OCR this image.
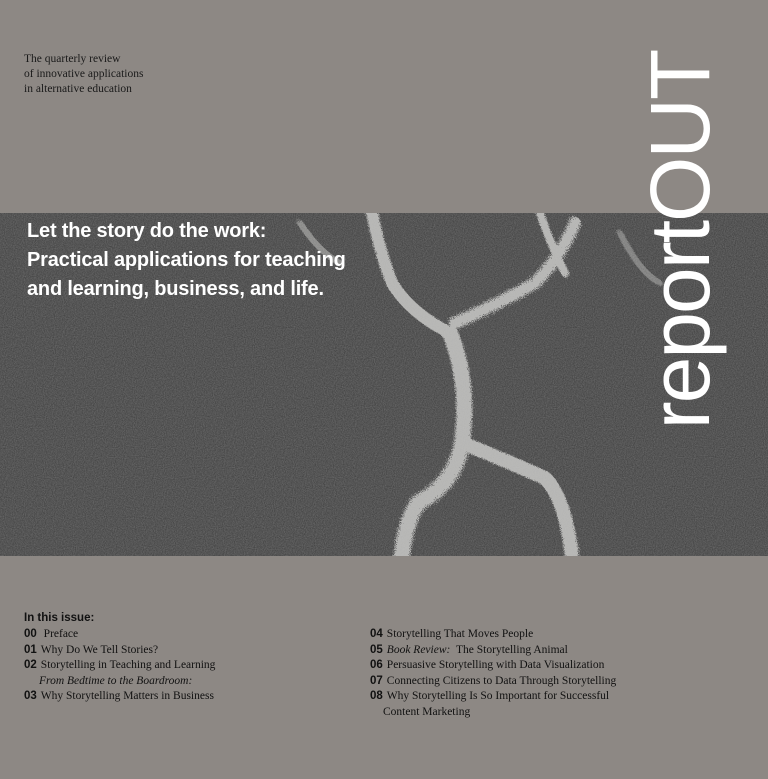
The quarterly review
of innovative applications
in alternative education
Let the story do the work:
Practical applications for teaching
and learning, business, and life.	reportOUT
In this issue:
00 Preface
01 Why Do We Tell Stories?
02 Storytelling in Teaching and Learning
From Bedtime to the Boardroom:
03 Why Storytelling Matters in Business
04 Storytelling That Moves People
05 Book Review: The Storytelling Animal
06 Persuasive Storytelling with Data Visualization
07 Connecting Citizens to Data Through Storytelling
08 Why Storytelling Is So Important for Successful
Content Marketing
